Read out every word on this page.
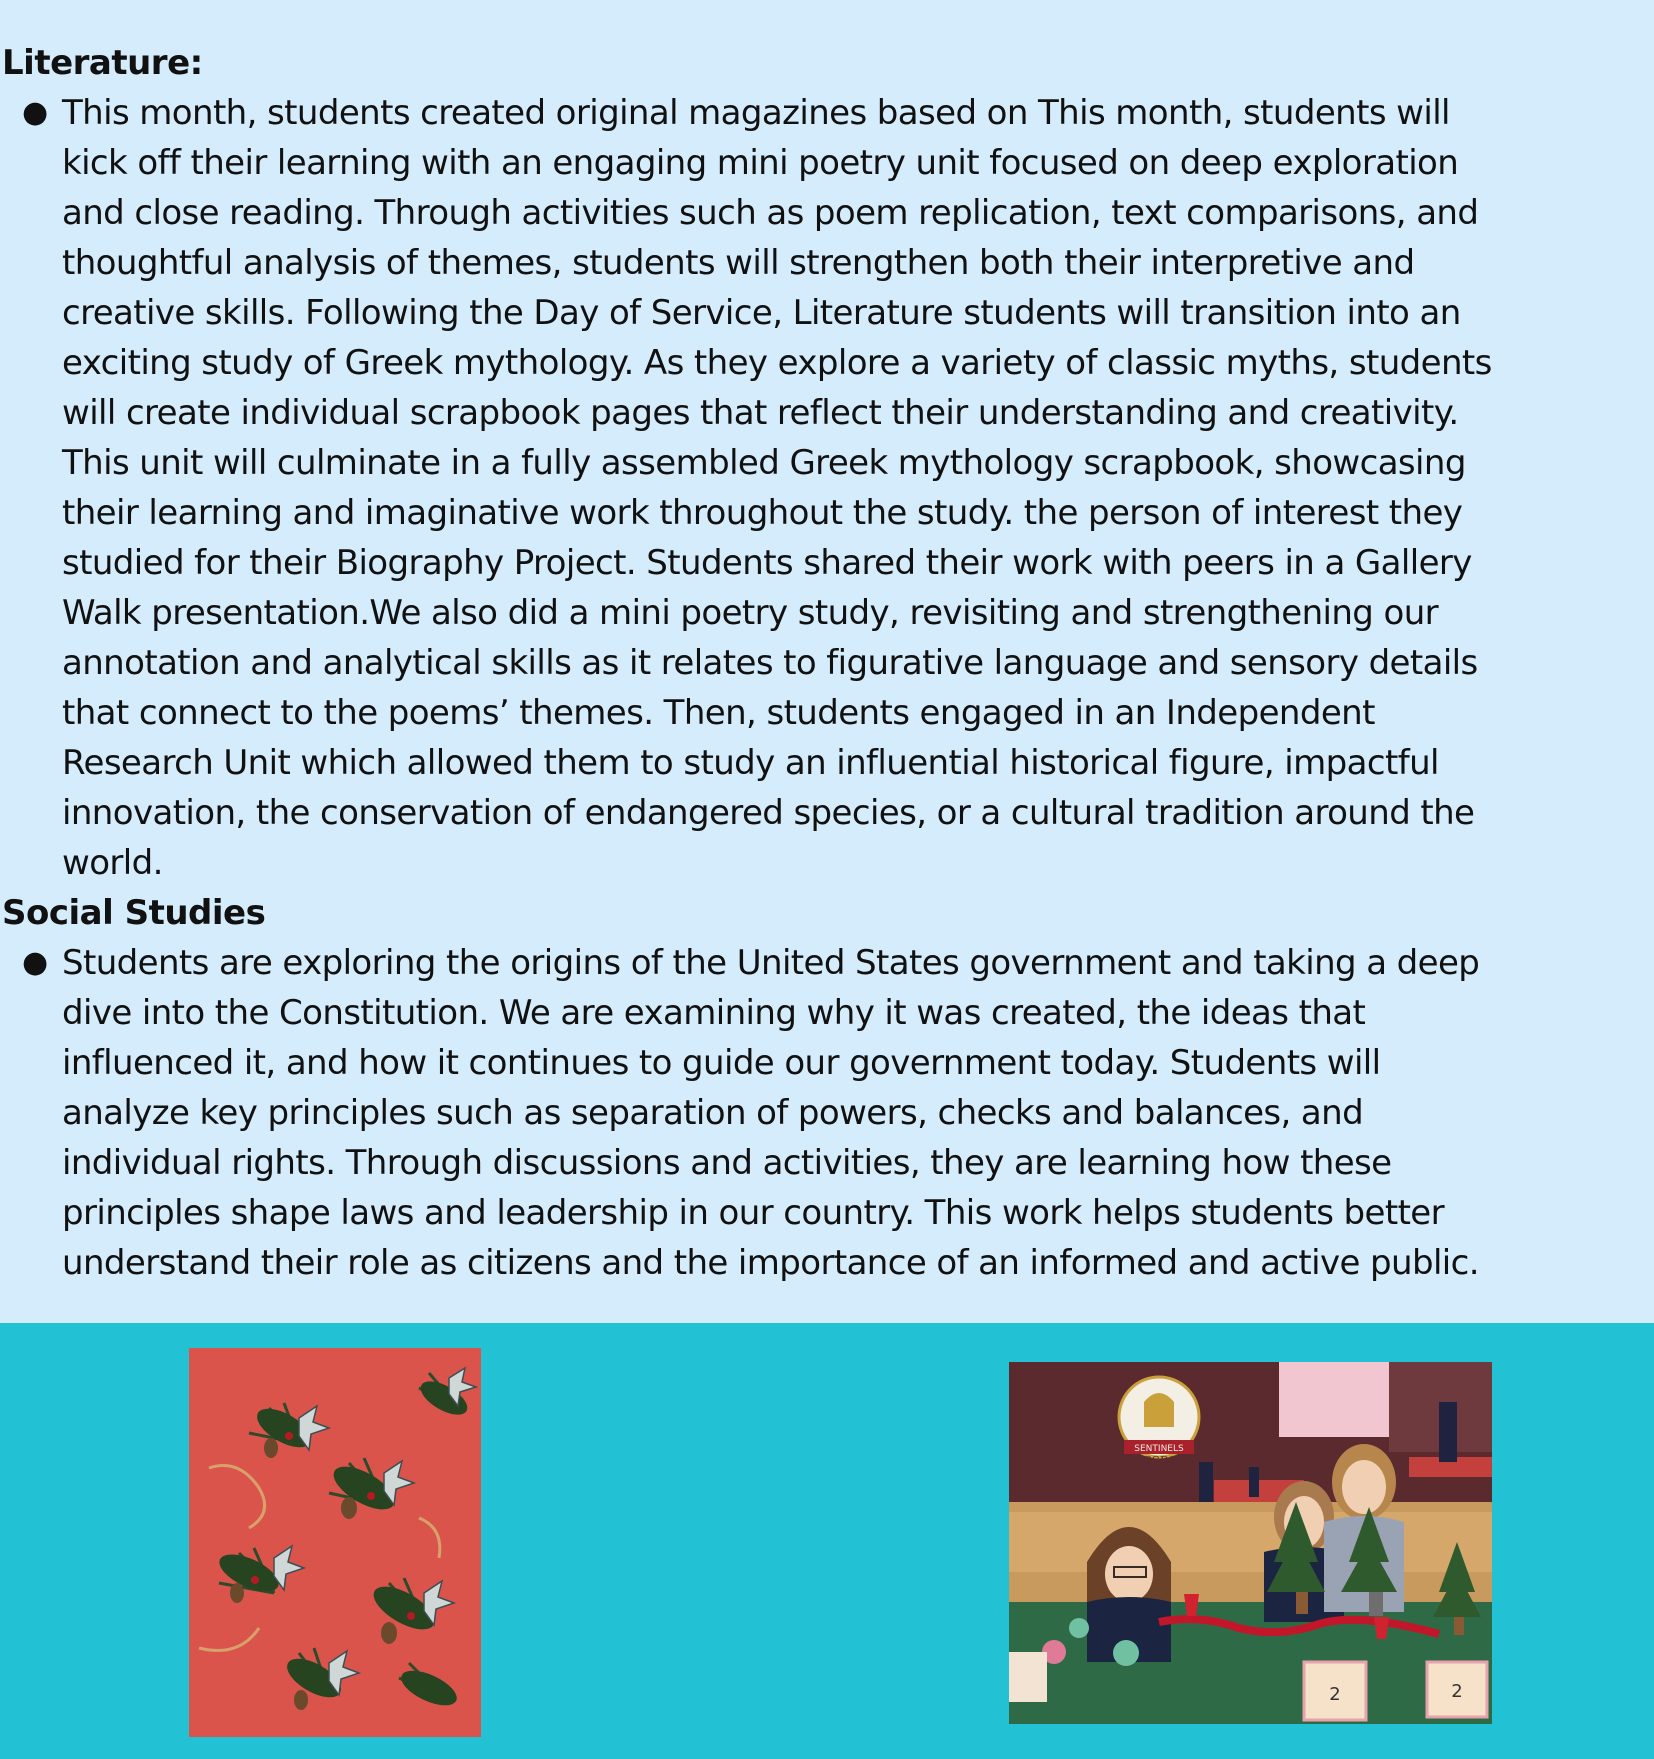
Literature:
● This month, students created original magazines based on This month, students will
kick off their learning with an engaging mini poetry unit focused on deep exploration
and close reading. Through activities such as poem replication, text comparisons, and
thoughtful analysis of themes, students will strengthen both their interpretive and
creative skills. Following the Day of Service, Literature students will transition into an
exciting study of Greek mythology. As they explore a variety of classic myths, students
will create individual scrapbook pages that reflect their understanding and creativity.
This unit will culminate in a fully assembled Greek mythology scrapbook, showcasing
their learning and imaginative work throughout the study. the person of interest they
studied for their Biography Project. Students shared their work with peers in a Gallery
Walk presentation.We also did a mini poetry study, revisiting and strengthening our
annotation and analytical skills as it relates to figurative language and sensory details
that connect to the poems’ themes. Then, students engaged in an Independent
Research Unit which allowed them to study an influential historical figure, impactful
innovation, the conservation of endangered species, or a cultural tradition around the
world.
Social Studies
● Students are exploring the origins of the United States government and taking a deep
dive into the Constitution. We are examining why it was created, the ideas that
influenced it, and how it continues to guide our government today. Students will
analyze key principles such as separation of powers, checks and balances, and
individual rights. Through discussions and activities, they are learning how these
principles shape laws and leadership in our country. This work helps students better
understand their role as citizens and the importance of an informed and active public.
SENTINELS
CSPA
2	2
